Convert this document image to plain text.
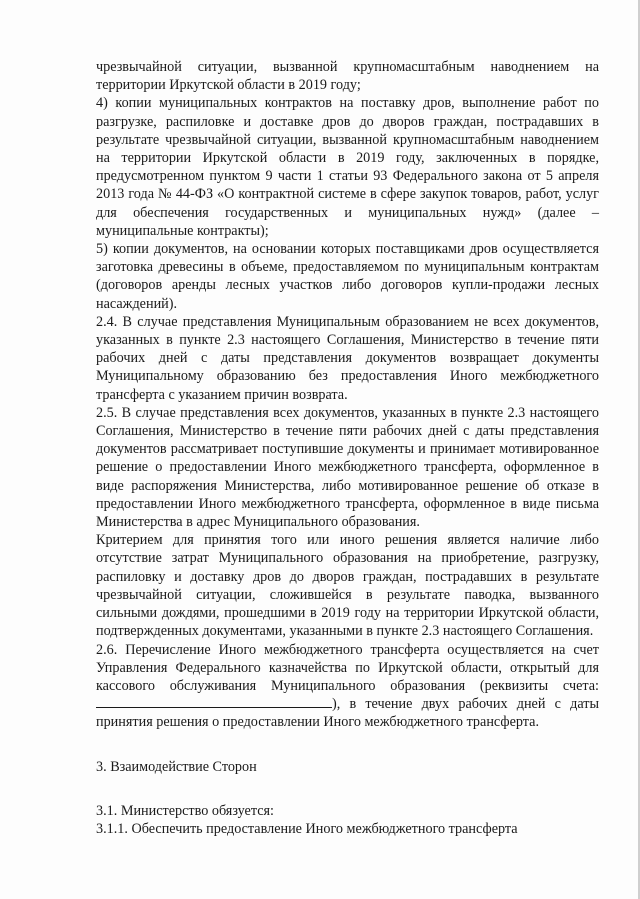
чрезвычайной ситуации, вызванной крупномасштабным наводнением на территории Иркутской области в 2019 году;

4) копии муниципальных контрактов на поставку дров, выполнение работ по разгрузке, распиловке и доставке дров до дворов граждан, пострадавших в результате чрезвычайной ситуации, вызванной крупномасштабным наводнением на территории Иркутской области в 2019 году, заключенных в порядке, предусмотренном пунктом 9 части 1 статьи 93 Федерального закона от 5 апреля 2013 года № 44-ФЗ «О контрактной системе в сфере закупок товаров, работ, услуг для обеспечения государственных и муниципальных нужд» (далее – муниципальные контракты);

5) копии документов, на основании которых поставщиками дров осуществляется заготовка древесины в объеме, предоставляемом по муниципальным контрактам (договоров аренды лесных участков либо договоров купли-продажи лесных насаждений).

2.4. В случае представления Муниципальным образованием не всех документов, указанных в пункте 2.3 настоящего Соглашения, Министерство в течение пяти рабочих дней с даты представления документов возвращает документы Муниципальному образованию без предоставления Иного межбюджетного трансферта с указанием причин возврата.

2.5. В случае представления всех документов, указанных в пункте 2.3 настоящего Соглашения, Министерство в течение пяти рабочих дней с даты представления документов рассматривает поступившие документы и принимает мотивированное решение о предоставлении Иного межбюджетного трансферта, оформленное в виде распоряжения Министерства, либо мотивированное решение об отказе в предоставлении Иного межбюджетного трансферта, оформленное в виде письма Министерства в адрес Муниципального образования.

Критерием для принятия того или иного решения является наличие либо отсутствие затрат Муниципального образования на приобретение, разгрузку, распиловку и доставку дров до дворов граждан, пострадавших в результате чрезвычайной ситуации, сложившейся в результате паводка, вызванного сильными дождями, прошедшими в 2019 году на территории Иркутской области, подтвержденных документами, указанными в пункте 2.3 настоящего Соглашения.

2.6. Перечисление Иного межбюджетного трансферта осуществляется на счет Управления Федерального казначейства по Иркутской области, открытый для кассового обслуживания Муниципального образования (реквизиты счета:), в течение двух рабочих дней с даты принятия решения о предоставлении Иного межбюджетного трансферта.

3. Взаимодействие Сторон

3.1. Министерство обязуется:

3.1.1. Обеспечить предоставление Иного межбюджетного трансферта
